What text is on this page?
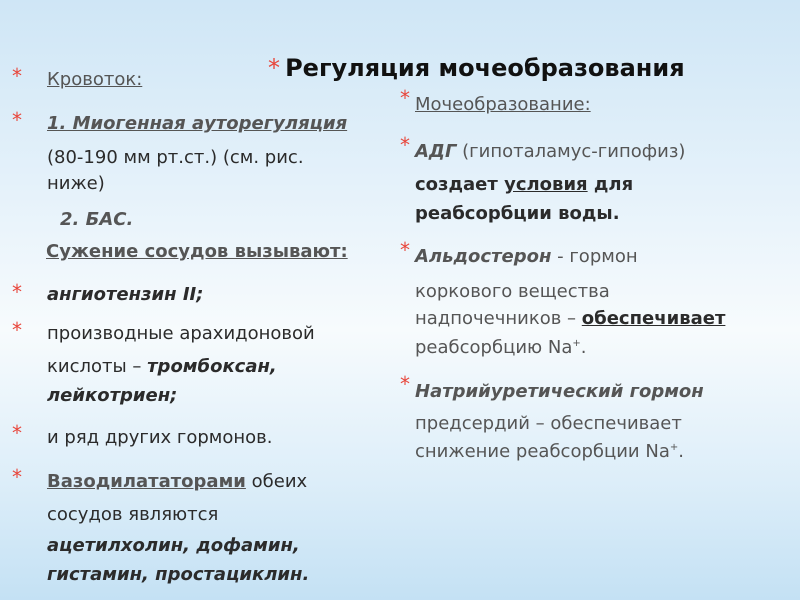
* Регуляция мочеобразования
* Кровоток:
* 1. Миогенная ауторегуляция
(80-190 мм рт.ст.) (см. рис.
ниже)
2. БАС.
Сужение сосудов вызывают:
* ангиотензин II;
* производные арахидоновой
кислоты – тромбоксан,
лейкотриен;
* и ряд других гормонов.
* Вазодилататорами обеих
сосудов являются
ацетилхолин, дофамин,
гистамин, простациклин.
* Мочеобразование:
* АДГ (гипоталамус-гипофиз)
создает условия для
реабсорбции воды.
* Альдостерон - гормон
коркового вещества
надпочечников – обеспечивает
реабсорбцию Na+.
* Натрийуретический гормон
предсердий – обеспечивает
снижение реабсорбции Na+.
